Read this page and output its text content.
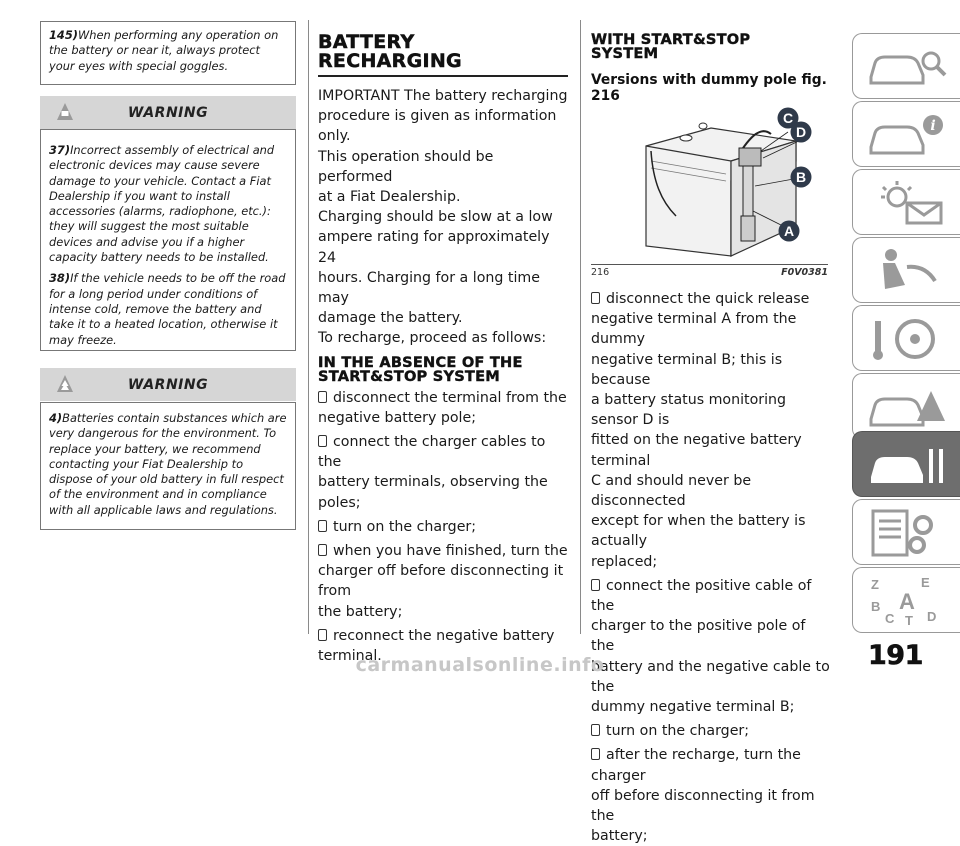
145)When performing any operation on the battery or near it, always protect your eyes with special goggles.

WARNING

37)Incorrect assembly of electrical and electronic devices may cause severe damage to your vehicle. Contact a Fiat Dealership if you want to install accessories (alarms, radiophone, etc.): they will suggest the most suitable devices and advise you if a higher capacity battery needs to be installed.

38)If the vehicle needs to be off the road for a long period under conditions of intense cold, remove the battery and take it to a heated location, otherwise it may freeze.

WARNING

4)Batteries contain substances which are very dangerous for the environment. To replace your battery, we recommend contacting your Fiat Dealership to dispose of your old battery in full respect of the environment and in compliance with all applicable laws and regulations.

BATTERY
RECHARGING

IMPORTANT The battery recharging

procedure is given as information only.

This operation should be performed

at a Fiat Dealership.

Charging should be slow at a low

ampere rating for approximately 24

hours. Charging for a long time may

damage the battery.

To recharge, proceed as follows:

IN THE ABSENCE OF THE
START&STOP SYSTEM

disconnect the terminal from the

negative battery pole;

connect the charger cables to the

battery terminals, observing the poles;

turn on the charger;

when you have finished, turn the

charger off before disconnecting it from

the battery;

reconnect the negative battery

terminal.

WITH START&STOP
SYSTEM

Versions with dummy pole fig. 216

C
D
B
A
216	F0V0381

disconnect the quick release

negative terminal A from the dummy

negative terminal B; this is because

a battery status monitoring sensor D is

fitted on the negative battery terminal

C and should never be disconnected

except for when the battery is actually

replaced;

connect the positive cable of the

charger to the positive pole of the

battery and the negative cable to the

dummy negative terminal B;

turn on the charger;

after the recharge, turn the charger

off before disconnecting it from the

battery;

i
Z	E
A
B
C T D
191
carmanualsonline.info
